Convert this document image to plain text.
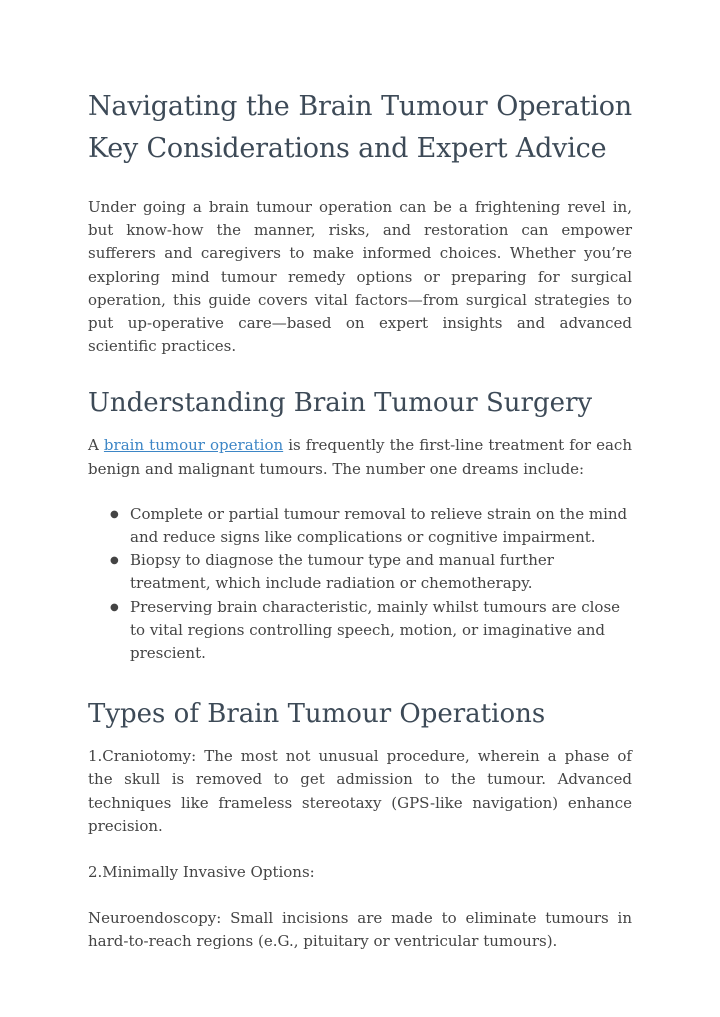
Navigating the Brain Tumour Operation
Key Considerations and Expert Advice

Under going a brain tumour operation can be a frightening revel in, but know-how the manner, risks, and restoration can empower sufferers and caregivers to make informed choices. Whether you’re exploring mind tumour remedy options or preparing for surgical operation, this guide covers vital factors—from surgical strategies to put up-operative care—based on expert insights and advanced scientific practices.

Understanding Brain Tumour Surgery

A brain tumour operation is frequently the first-line treatment for each benign and malignant tumours. The number one dreams include:

● Complete or partial tumour removal to relieve strain on the mind and reduce signs like complications or cognitive impairment.
● Biopsy to diagnose the tumour type and manual further treatment, which include radiation or chemotherapy.
● Preserving brain characteristic, mainly whilst tumours are close to vital regions controlling speech, motion, or imaginative and prescient.
Types of Brain Tumour Operations

1.Craniotomy: The most not unusual procedure, wherein a phase of the skull is removed to get admission to the tumour. Advanced techniques like frameless stereotaxy (GPS-like navigation) enhance precision.

2.Minimally Invasive Options:

Neuroendoscopy: Small incisions are made to eliminate tumours in hard-to-reach regions (e.G., pituitary or ventricular tumours).
